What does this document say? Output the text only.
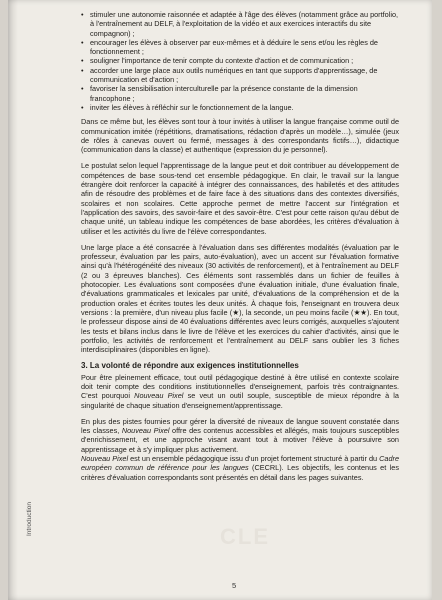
• stimuler une autonomie raisonnée et adaptée à l'âge des élèves (notamment grâce au portfolio, à l'entraînement au DELF, à l'exploitation de la vidéo et aux exercices interactifs du site compagnon) ;
• encourager les élèves à observer par eux-mêmes et à déduire le sens et/ou les règles de fonctionnement ;
• souligner l'importance de tenir compte du contexte d'action et de communication ;
• accorder une large place aux outils numériques en tant que supports d'apprentissage, de communication et d'action ;
• favoriser la sensibilisation interculturelle par la présence constante de la dimension francophone ;
• inviter les élèves à réfléchir sur le fonctionnement de la langue.

Dans ce même but, les élèves sont tour à tour invités à utiliser la langue française comme outil de communication imitée (répétitions, dramatisations, rédaction d'après un modèle…), simulée (jeux de rôles à canevas ouvert ou fermé, messages à des correspondants fictifs…), didactique (communication dans la classe) et authentique (expression du je personnel).

Le postulat selon lequel l'apprentissage de la langue peut et doit contribuer au développement de compétences de base sous-tend cet ensemble pédagogique. En clair, le travail sur la langue étrangère doit renforcer la capacité à intégrer des connaissances, des habiletés et des attitudes afin de résoudre des problèmes et de faire face à des situations dans des contextes diversifiés, scolaires et non scolaires. Cette approche permet de mettre l'accent sur l'intégration et l'application des savoirs, des savoir-faire et des savoir-être. C'est pour cette raison qu'au début de chaque unité, un tableau indique les compétences de base abordées, les critères d'évaluation à utiliser et les activités du livre de l'élève correspondantes.

Une large place a été consacrée à l'évaluation dans ses différentes modalités (évaluation par le professeur, évaluation par les pairs, auto-évaluation), avec un accent sur l'évaluation formative ainsi qu'à l'hétérogénéité des niveaux (30 activités de renforcement), et à l'entraînement au DELF (2 ou 3 épreuves blanches). Ces éléments sont rassemblés dans un fichier de feuilles à photocopier. Les évaluations sont composées d'une évaluation initiale, d'une évaluation finale, d'évaluations grammaticales et lexicales par unité, d'évaluations de la compréhension et de la production orales et écrites toutes les deux unités. À chaque fois, l'enseignant en trouvera deux versions : la première, d'un niveau plus facile (★), la seconde, un peu moins facile (★★). En tout, le professeur dispose ainsi de 40 évaluations différentes avec leurs corrigés, auxquelles s'ajoutent les tests et bilans inclus dans le livre de l'élève et les exercices du cahier d'activités, ainsi que le portfolio, les activités de renforcement et l'entraînement au DELF sans oublier les 3 fiches interdisciplinaires (disponibles en ligne).

3. La volonté de répondre aux exigences institutionnelles

Pour être pleinement efficace, tout outil pédagogique destiné à être utilisé en contexte scolaire doit tenir compte des conditions institutionnelles d'enseignement, parfois très contraignantes. C'est pourquoi Nouveau Pixel se veut un outil souple, susceptible de mieux répondre à la singularité de chaque situation d'enseignement/apprentissage.

En plus des pistes fournies pour gérer la diversité de niveaux de langue souvent constatée dans les classes, Nouveau Pixel offre des contenus accessibles et allégés, mais toujours susceptibles d'enrichissement, et une approche visant avant tout à motiver l'élève à poursuivre son apprentissage et à s'y impliquer plus activement.

Nouveau Pixel est un ensemble pédagogique issu d'un projet fortement structuré à partir du Cadre européen commun de référence pour les langues (CECRL). Les objectifs, les contenus et les critères d'évaluation correspondants sont présentés en détail dans les pages suivantes.

CLE
Introduction
5
